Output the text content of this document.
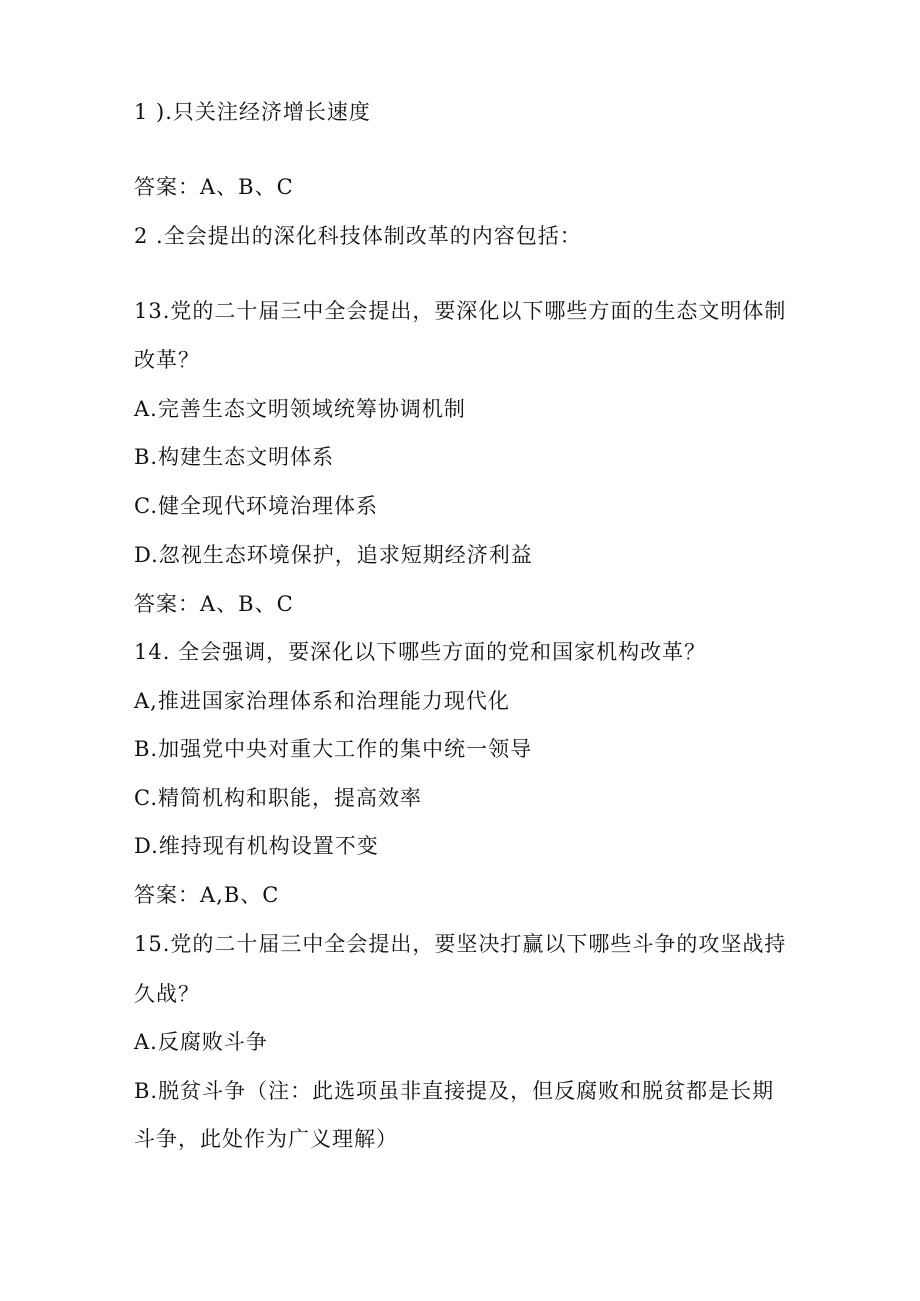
1 ).只关注经济增长速度
答案：A、B、C
2 .全会提出的深化科技体制改革的内容包括：
13.党的二十届三中全会提出，要深化以下哪些方面的生态文明体制
改革？
A.完善生态文明领域统筹协调机制
B.构建生态文明体系
C.健全现代环境治理体系
D.忽视生态环境保护，追求短期经济利益
答案：A、B、C
14. 全会强调，要深化以下哪些方面的党和国家机构改革？
A,推进国家治理体系和治理能力现代化
B.加强党中央对重大工作的集中统一领导
C.精简机构和职能，提高效率
D.维持现有机构设置不变
答案：A,B、C
15.党的二十届三中全会提出，要坚决打赢以下哪些斗争的攻坚战持
久战？
A.反腐败斗争
B.脱贫斗争（注：此选项虽非直接提及，但反腐败和脱贫都是长期
斗争，此处作为广义理解）
